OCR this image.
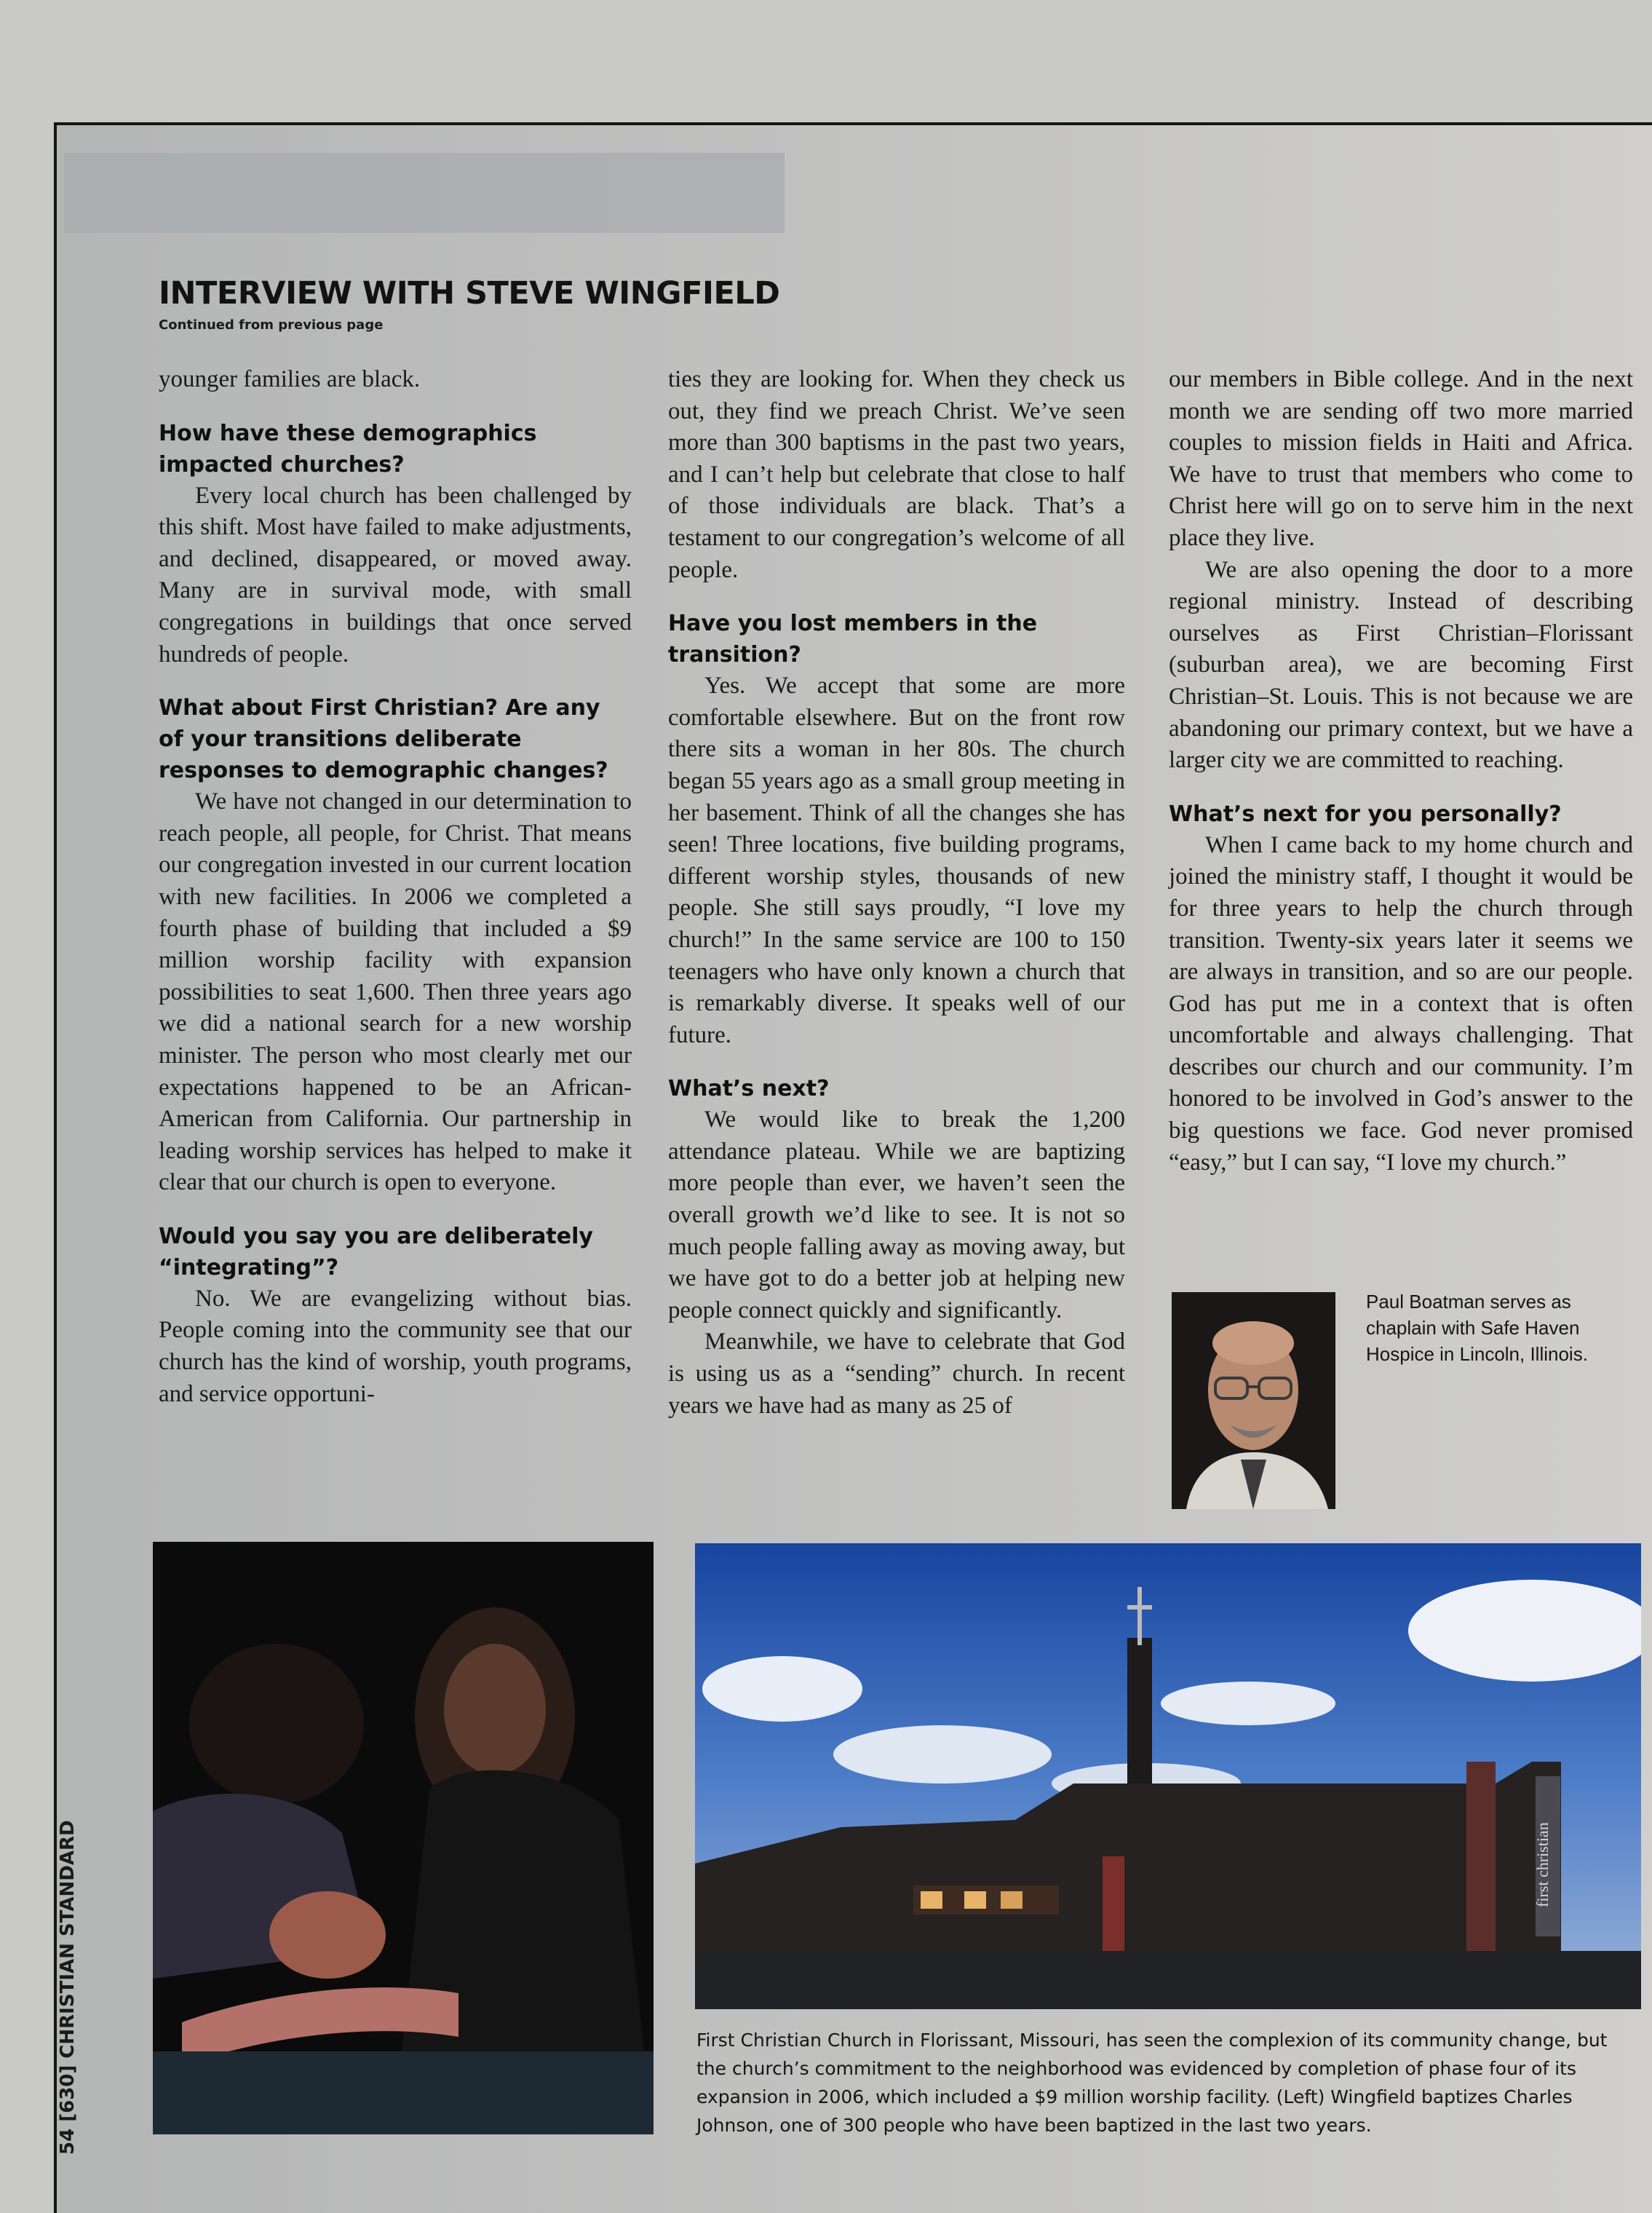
INTERVIEW WITH STEVE WINGFIELD
Continued from previous page

younger families are black.

How have these demographics impacted churches?

Every local church has been challenged by this shift. Most have failed to make adjustments, and declined, disappeared, or moved away. Many are in survival mode, with small congregations in buildings that once served hundreds of people.

What about First Christian? Are any of your transitions deliberate responses to demographic changes?

We have not changed in our determination to reach people, all people, for Christ. That means our congregation invested in our current location with new facilities. In 2006 we completed a fourth phase of building that included a $9 million worship facility with expansion possibilities to seat 1,600. Then three years ago we did a national search for a new worship minister. The person who most clearly met our expectations happened to be an African-American from California. Our partnership in leading worship services has helped to make it clear that our church is open to everyone.

Would you say you are deliberately “integrating”?

No. We are evangelizing without bias. People coming into the community see that our church has the kind of worship, youth programs, and service opportuni-

ties they are looking for. When they check us out, they find we preach Christ. We’ve seen more than 300 baptisms in the past two years, and I can’t help but celebrate that close to half of those individuals are black. That’s a testament to our congregation’s welcome of all people.

Have you lost members in the transition?

Yes. We accept that some are more comfortable elsewhere. But on the front row there sits a woman in her 80s. The church began 55 years ago as a small group meeting in her basement. Think of all the changes she has seen! Three locations, five building programs, different worship styles, thousands of new people. She still says proudly, “I love my church!” In the same service are 100 to 150 teenagers who have only known a church that is remarkably diverse. It speaks well of our future.

What’s next?

We would like to break the 1,200 attendance plateau. While we are baptizing more people than ever, we haven’t seen the overall growth we’d like to see. It is not so much people falling away as moving away, but we have got to do a better job at helping new people connect quickly and significantly.

Meanwhile, we have to celebrate that God is using us as a “sending” church. In recent years we have had as many as 25 of

our members in Bible college. And in the next month we are sending off two more married couples to mission fields in Haiti and Africa. We have to trust that members who come to Christ here will go on to serve him in the next place they live.

We are also opening the door to a more regional ministry. Instead of describing ourselves as First Christian–Florissant (suburban area), we are becoming First Christian–St. Louis. This is not because we are abandoning our primary context, but we have a larger city we are committed to reaching.

What’s next for you personally?

When I came back to my home church and joined the ministry staff, I thought it would be for three years to help the church through transition. Twenty-six years later it seems we are always in transition, and so are our people. God has put me in a context that is often uncomfortable and always challenging. That describes our church and our community. I’m honored to be involved in God’s answer to the big questions we face. God never promised “easy,” but I can say, “I love my church.”

Paul Boatman serves as chaplain with Safe Haven Hospice in Lincoln, Illinois.
first christian
First Christian Church in Florissant, Missouri, has seen the complexion of its community change, but the church’s commitment to the neighborhood was evidenced by completion of phase four of its expansion in 2006, which included a $9 million worship facility. (Left) Wingfield baptizes Charles Johnson, one of 300 people who have been baptized in the last two years.
54 [630] CHRISTIAN STANDARD
